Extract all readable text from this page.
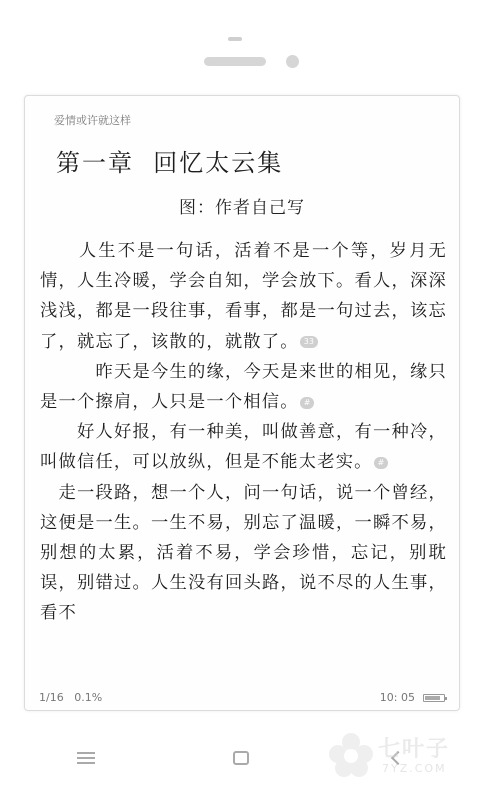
爱情或许就这样
第一章  回忆太云集
图：作者自己写
　　人生不是一句话，活着不是一个等，岁月无情，人生冷暖，学会自知，学会放下。看人，深深浅浅，都是一段往事，看事，都是一句过去，该忘了，就忘了，该散的，就散了。 33
　　　昨天是今生的缘，今天是来世的相见，缘只是一个擦肩，人只是一个相信。 #
　　好人好报，有一种美，叫做善意，有一种冷，叫做信任，可以放纵，但是不能太老实。 #
　走一段路，想一个人，问一句话，说一个曾经，这便是一生。一生不易，别忘了温暖，一瞬不易，别想的太累，活着不易，学会珍惜，忘记，别耽误，别错过。人生没有回头路，说不尽的人生事，看不
1/16 0.1%	10: 05
七叶子
7YZ.COM
